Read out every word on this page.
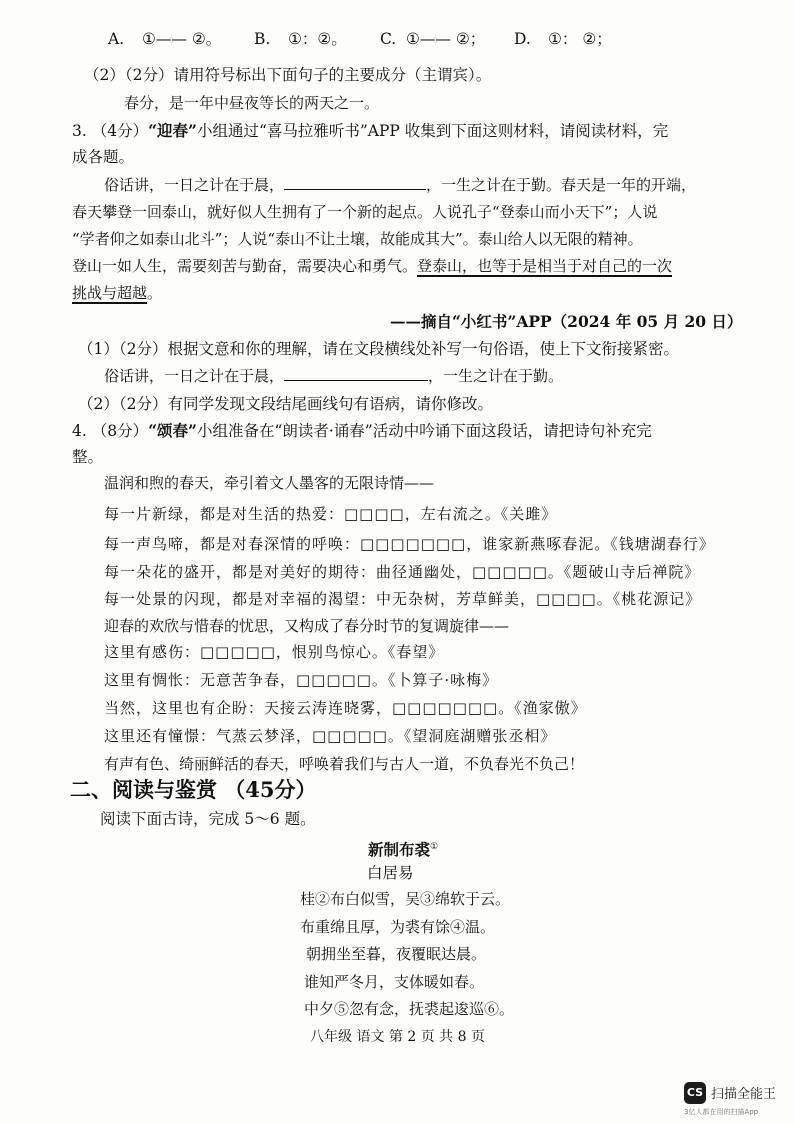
A. ①—— ②。 B. ①：②。 C. ①—— ②； D. ①： ②；
（2）（2分）请用符号标出下面句子的主要成分（主谓宾）。
春分，是一年中昼夜等长的两天之一。
3. （4分）“迎春”小组通过“喜马拉雅听书”APP 收集到下面这则材料，请阅读材料，完
成各题。
俗话讲，一日之计在于晨，	，一生之计在于勤。春天是一年的开端，
春天攀登一回泰山，就好似人生拥有了一个新的起点。人说孔子“登泰山而小天下”；人说
“学者仰之如泰山北斗”；人说“泰山不让土壤，故能成其大”。泰山给人以无限的精神。
登山一如人生，需要刻苦与勤奋，需要决心和勇气。登泰山，也等于是相当于对自己的一次
挑战与超越。
——摘自“小红书”APP（2024 年 05 月 20 日）
（1）（2分）根据文意和你的理解，请在文段横线处补写一句俗语，使上下文衔接紧密。
俗话讲，一日之计在于晨，	，一生之计在于勤。
（2）（2分）有同学发现文段结尾画线句有语病，请你修改。
4. （8分）“颂春”小组准备在“朗读者·诵春”活动中吟诵下面这段话，请把诗句补充完
整。
温润和煦的春天，牵引着文人墨客的无限诗情——
每一片新绿，都是对生活的热爱：□□□□，左右流之。《关雎》
每一声鸟啼，都是对春深情的呼唤：□□□□□□□，谁家新燕啄春泥。《钱塘湖春行》
每一朵花的盛开，都是对美好的期待：曲径通幽处，□□□□□。《题破山寺后禅院》
每一处景的闪现，都是对幸福的渴望：中无杂树，芳草鲜美，□□□□。《桃花源记》
迎春的欢欣与惜春的忧思，又构成了春分时节的复调旋律——
这里有感伤：□□□□□，恨别鸟惊心。《春望》
这里有惆怅：无意苦争春，□□□□□。《卜算子·咏梅》
当然，这里也有企盼：天接云涛连晓雾，□□□□□□□。《渔家傲》
这里还有憧憬：气蒸云梦泽，□□□□□。《望洞庭湖赠张丞相》
有声有色、绮丽鲜活的春天，呼唤着我们与古人一道，不负春光不负己！
二、阅读与鉴赏 （45分）
阅读下面古诗，完成 5～6 题。
新制布裘①
白居易
桂②布白似雪，吴③绵软于云。
布重绵且厚，为裘有馀④温。
朝拥坐至暮，夜覆眠达晨。
谁知严冬月，支体暖如春。
中夕⑤忽有念，抚裘起逡巡⑥。
八年级 语文 第 2 页 共 8 页
CS 扫描全能王
3亿人都在用的扫描App
